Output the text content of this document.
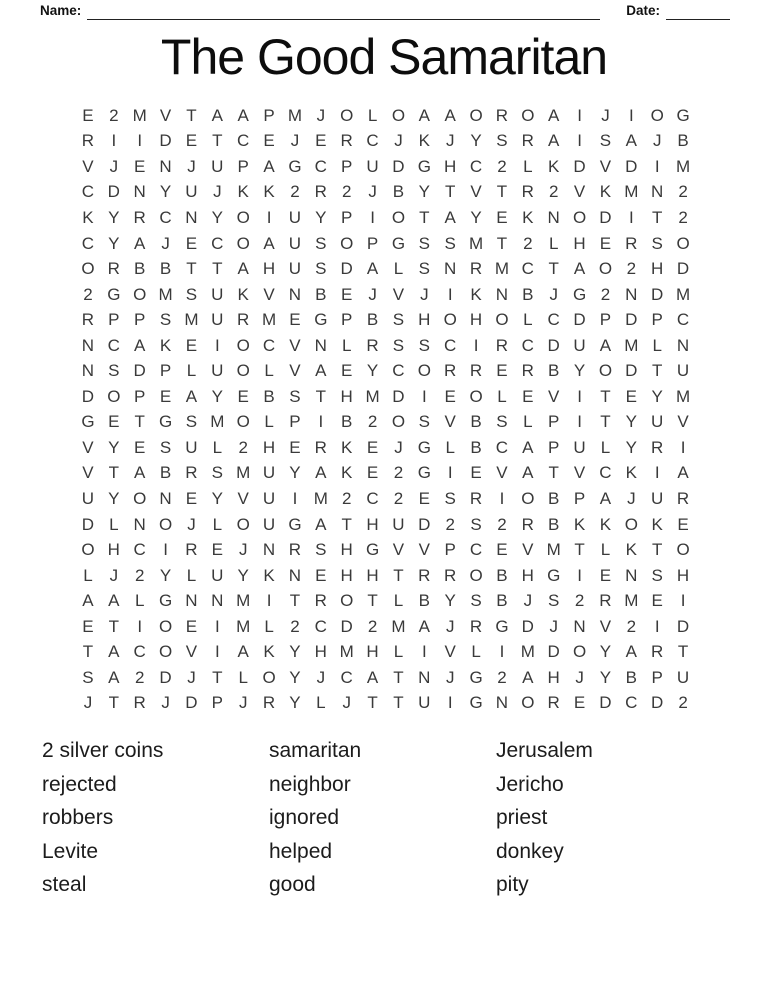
Name:	Date:
The Good Samaritan
E 2 M V T A A P M J O L O A A O R O A	I	J	I O G
R	I	I	D E T C E J E R C J K J Y S R A	I	S A J B
V J E N J U P A G C P U D G H C 2 L K D V D	I M
C D N Y U J K K 2 R 2 J B Y T V T R 2 V K M N 2
K Y R C N Y O I	U Y P	I O T A Y E K N O D	I	T 2
C Y A J E C O A U S O P G S S M T 2 L H E R S O
O R B B T T A H U S D A L S N R M C T A O 2 H D
2 G O M S U K V N B E J V J	I	K N B J G 2 N D M
R P P S M U R M E G P B S H O H O L C D P D P C
N C A K E	I O C V N L R S S C	I	R C D U A M L N
N S D P L U O L V A E Y C O R R E R B Y O D T U
D O P E A Y E B S T H M D	I	E O L E V	I	T E Y M
G E T G S M O L P	I	B 2 O S V B S L P	I	T Y U V
V Y E S U L 2 H E R K E J G L B C A P U L Y R	I
V T A B R S M U Y A K E 2 G I	E V A T V C K	I	A
U Y O N E Y V U	I M 2 C 2 E S R	I O B P A J U R
D L N O J L O U G A T H U D 2 S 2 R B K K O K E
O H C	I	R E J N R S H G V V P C E V M T L K T O
L J 2 Y L U Y K N E H H T R R O B H G I	E N S H
A A L G N N M I	T R O T L B Y S B J S 2 R M E	I
E T	I O E	I M L 2 C D 2 M A J R G D J N V 2	I	D
T A C O V	I	A K Y H M H L	I	V L	I M D O Y A R T
S A 2 D J T L O Y J C A T N J G 2 A H J Y B P U
J T R J D P J R Y L J T T U	I G N O R E D C D 2
2 silver coins
rejected
robbers
Levite
steal
samaritan
neighbor
ignored
helped
good
Jerusalem
Jericho
priest
donkey
pity
